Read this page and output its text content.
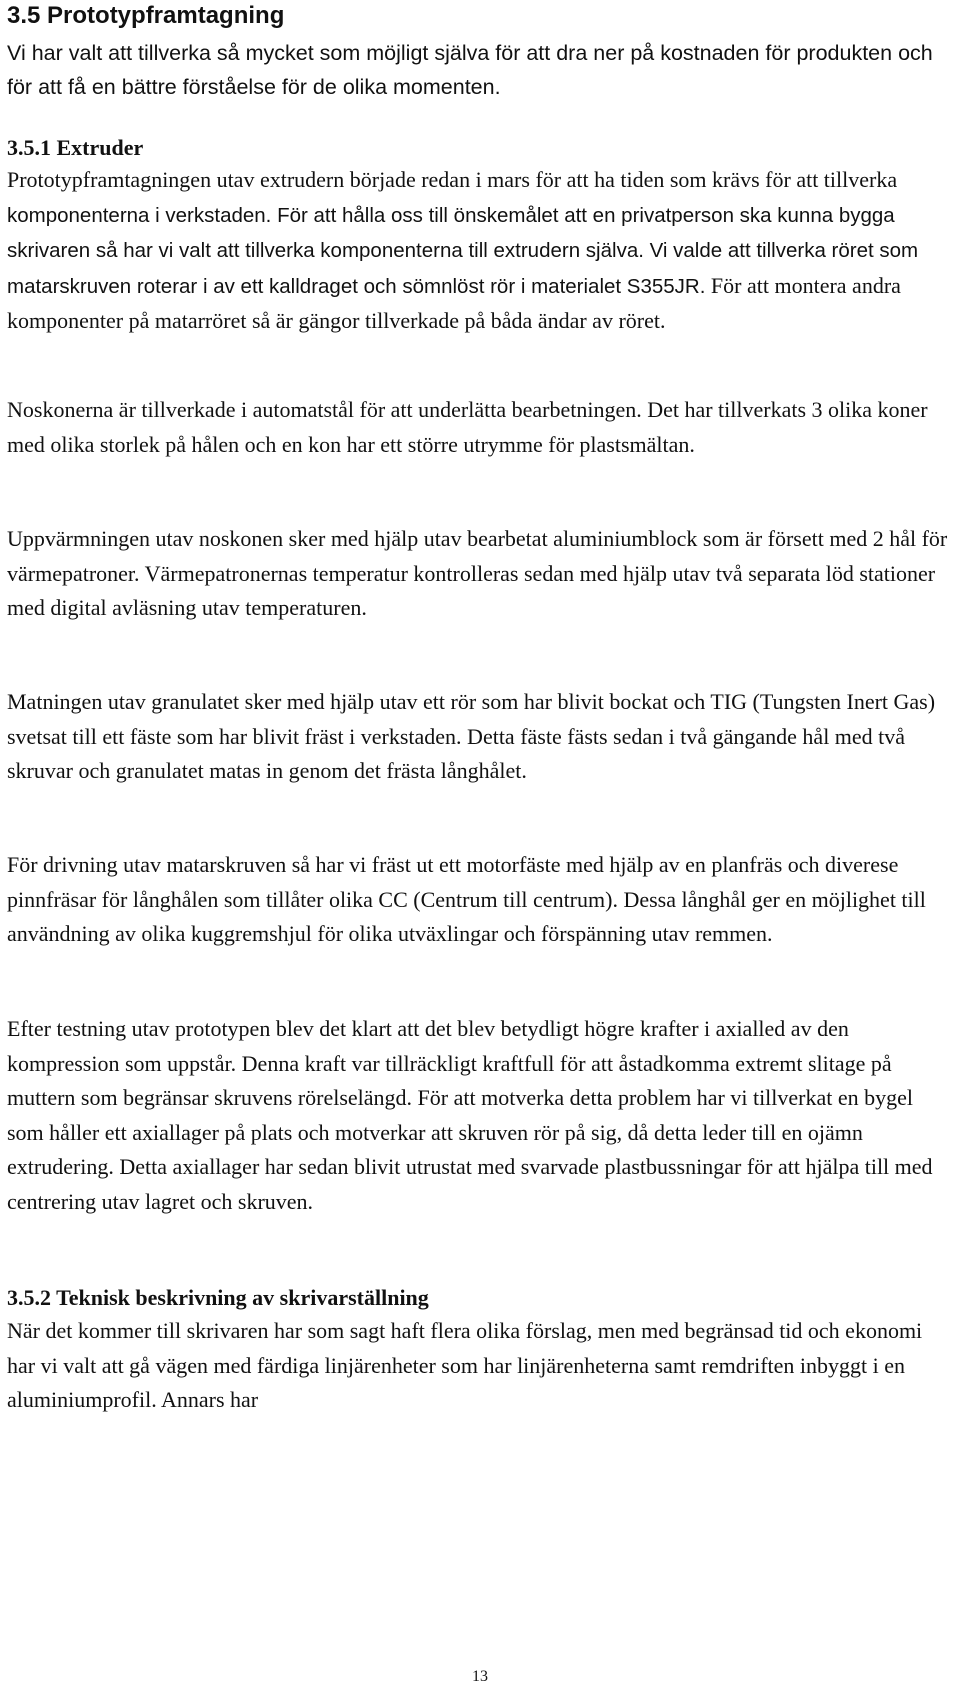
3.5 Prototypframtagning

Vi har valt att tillverka så mycket som möjligt själva för att dra ner på kostnaden för produkten och för att få en bättre förståelse för de olika momenten.

3.5.1 Extruder

Prototypframtagningen utav extrudern började redan i mars för att ha tiden som krävs för att tillverka komponenterna i verkstaden. För att hålla oss till önskemålet att en privatperson ska kunna bygga skrivaren så har vi valt att tillverka komponenterna till extrudern själva. Vi valde att tillverka röret som matarskruven roterar i av ett kalldraget och sömnlöst rör i materialet S355JR. För att montera andra komponenter på matarröret så är gängor tillverkade på båda ändar av röret.

Noskonerna är tillverkade i automatstål för att underlätta bearbetningen. Det har tillverkats 3 olika koner med olika storlek på hålen och en kon har ett större utrymme för plastsmältan.

Uppvärmningen utav noskonen sker med hjälp utav bearbetat aluminiumblock som är försett med 2 hål för värmepatroner. Värmepatronernas temperatur kontrolleras sedan med hjälp utav två separata löd stationer med digital avläsning utav temperaturen.

Matningen utav granulatet sker med hjälp utav ett rör som har blivit bockat och TIG (Tungsten Inert Gas) svetsat till ett fäste som har blivit fräst i verkstaden. Detta fäste fästs sedan i två gängande hål med två skruvar och granulatet matas in genom det frästa långhålet.

För drivning utav matarskruven så har vi fräst ut ett motorfäste med hjälp av en planfräs och diverese pinnfräsar för långhålen som tillåter olika CC (Centrum till centrum). Dessa långhål ger en möjlighet till användning av olika kuggremshjul för olika utväxlingar och förspänning utav remmen.

Efter testning utav prototypen blev det klart att det blev betydligt högre krafter i axialled av den kompression som uppstår. Denna kraft var tillräckligt kraftfull för att åstadkomma extremt slitage på muttern som begränsar skruvens rörelselängd. För att motverka detta problem har vi tillverkat en bygel som håller ett axiallager på plats och motverkar att skruven rör på sig, då detta leder till en ojämn extrudering. Detta axiallager har sedan blivit utrustat med svarvade plastbussningar för att hjälpa till med centrering utav lagret och skruven.

3.5.2 Teknisk beskrivning av skrivarställning

När det kommer till skrivaren har som sagt haft flera olika förslag, men med begränsad tid och ekonomi har vi valt att gå vägen med färdiga linjärenheter som har linjärenheterna samt remdriften inbyggt i en aluminiumprofil. Annars har

13
